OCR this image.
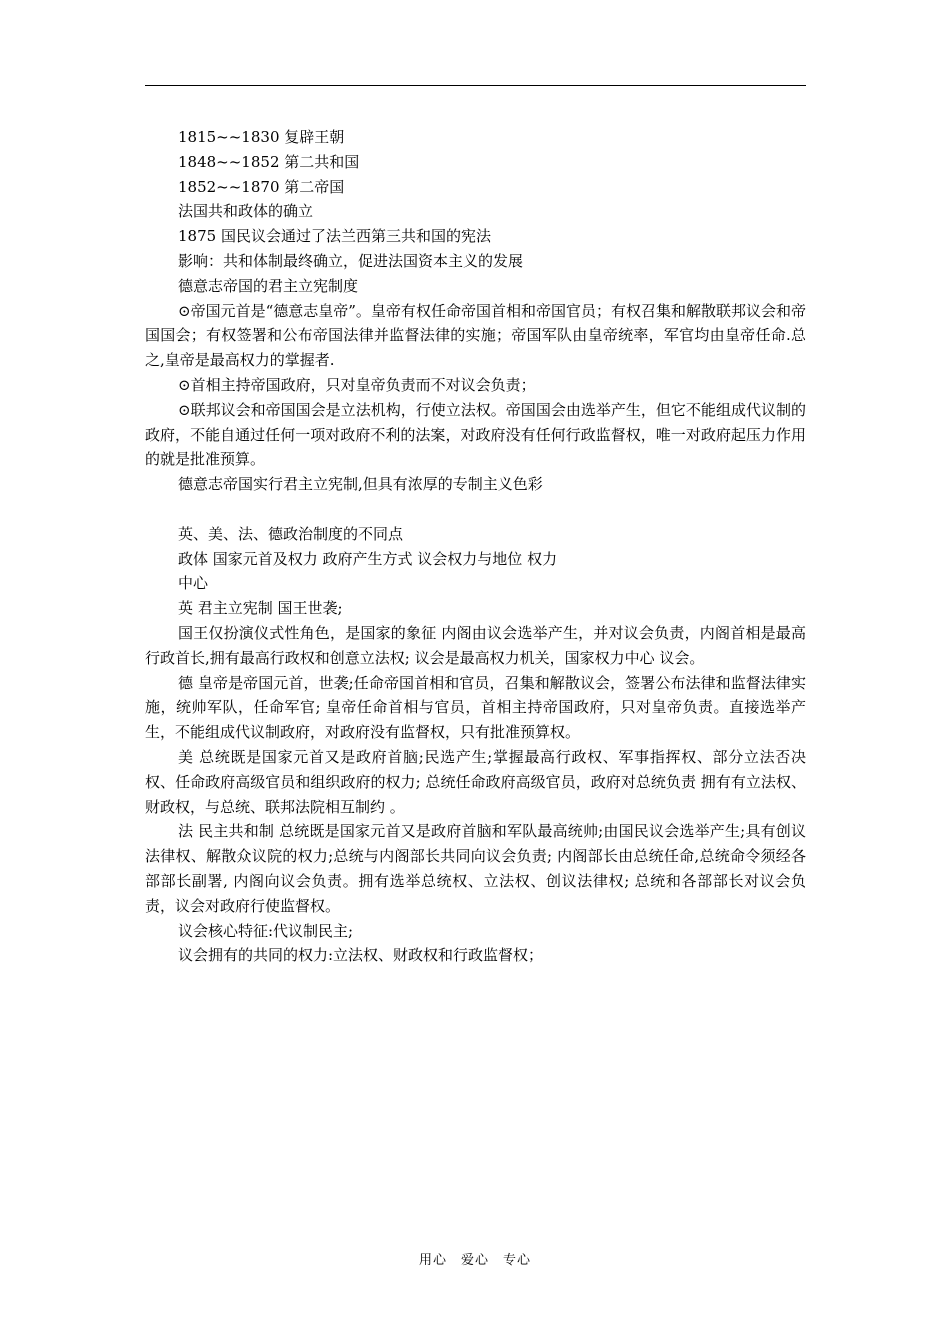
1815~~1830 复辟王朝

1848~~1852 第二共和国

1852~~1870 第二帝国

法国共和政体的确立

1875 国民议会通过了法兰西第三共和国的宪法

影响：共和体制最终确立，促进法国资本主义的发展

德意志帝国的君主立宪制度

⊙帝国元首是“德意志皇帝”。皇帝有权任命帝国首相和帝国官员；有权召集和解散联邦议会和帝国国会；有权签署和公布帝国法律并监督法律的实施；帝国军队由皇帝统率，军官均由皇帝任命.总之,皇帝是最高权力的掌握者.

⊙首相主持帝国政府，只对皇帝负责而不对议会负责；

⊙联邦议会和帝国国会是立法机构，行使立法权。帝国国会由选举产生，但它不能组成代议制的政府，不能自通过任何一项对政府不利的法案，对政府没有任何行政监督权，唯一对政府起压力作用的就是批准预算。

德意志帝国实行君主立宪制,但具有浓厚的专制主义色彩

英、美、法、德政治制度的不同点

政体 国家元首及权力 政府产生方式 议会权力与地位 权力

中心

英 君主立宪制 国王世袭;

国王仅扮演仪式性角色，是国家的象征 内阁由议会选举产生，并对议会负责，内阁首相是最高行政首长,拥有最高行政权和创意立法权; 议会是最高权力机关，国家权力中心 议会。

德 皇帝是帝国元首，世袭;任命帝国首相和官员，召集和解散议会，签署公布法律和监督法律实施，统帅军队，任命军官; 皇帝任命首相与官员，首相主持帝国政府，只对皇帝负责。直接选举产生，不能组成代议制政府，对政府没有监督权，只有批准预算权。

美 总统既是国家元首又是政府首脑;民选产生;掌握最高行政权、军事指挥权、部分立法否决权、任命政府高级官员和组织政府的权力; 总统任命政府高级官员，政府对总统负责 拥有有立法权、财政权，与总统、联邦法院相互制约 。

法 民主共和制 总统既是国家元首又是政府首脑和军队最高统帅;由国民议会选举产生;具有创议法律权、解散众议院的权力;总统与内阁部长共同向议会负责; 内阁部长由总统任命,总统命令须经各部部长副署, 内阁向议会负责。拥有选举总统权、立法权、创议法律权; 总统和各部部长对议会负责，议会对政府行使监督权。

议会核心特征:代议制民主;

议会拥有的共同的权力:立法权、财政权和行政监督权；

用心　爱心　专心
